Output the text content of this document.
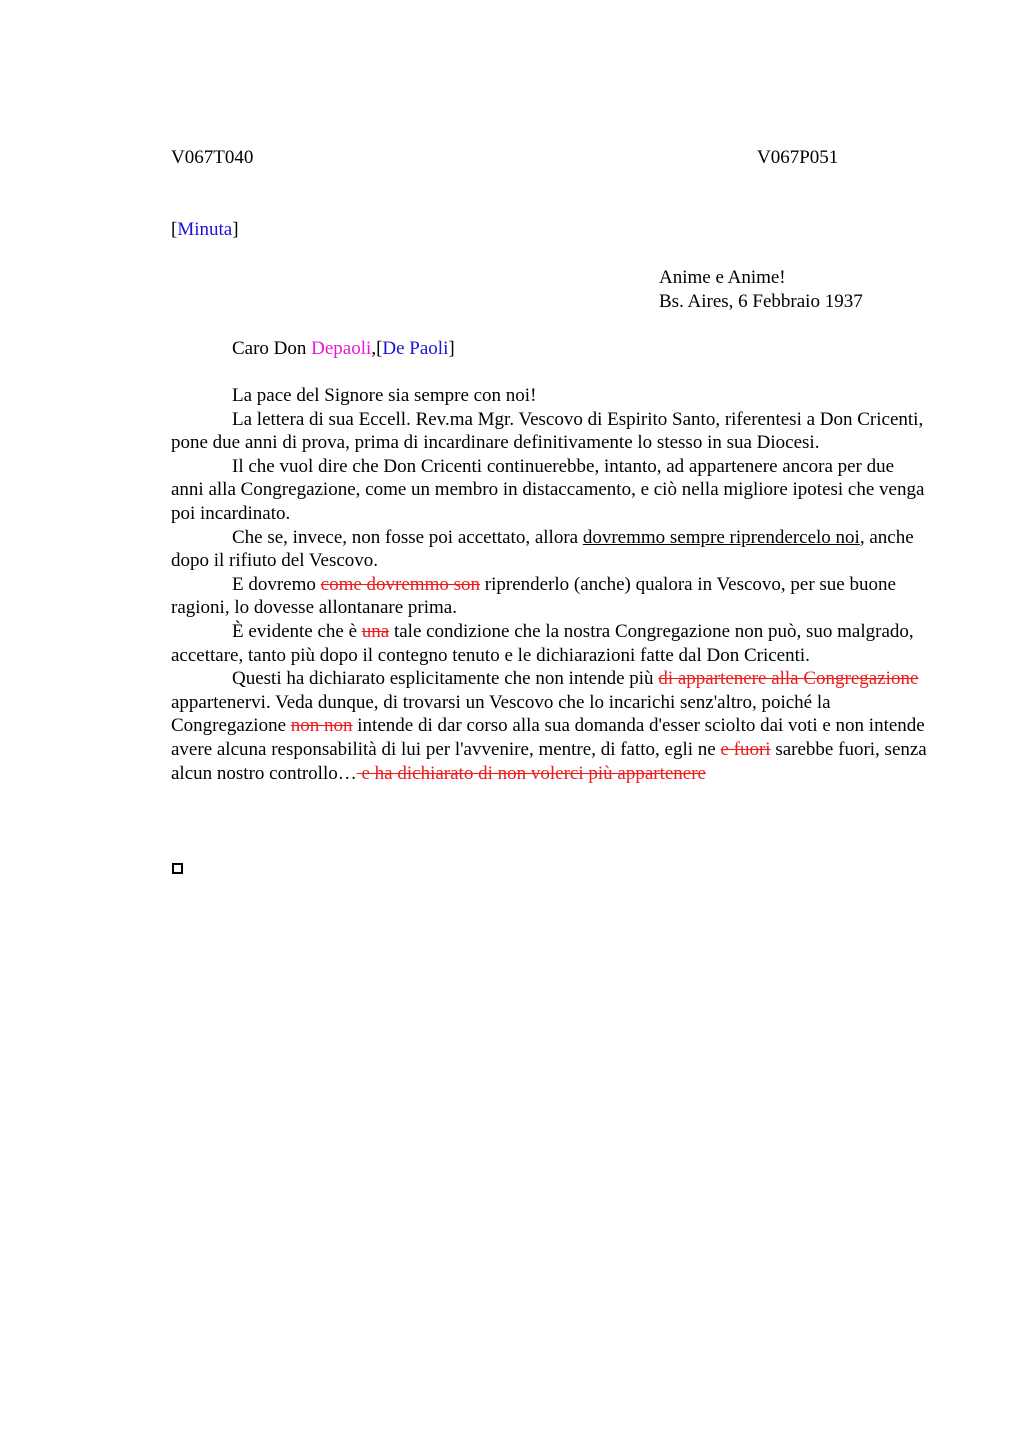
V067T040	V067P051
[Minuta]
Anime e Anime!
Bs. Aires, 6 Febbraio 1937
Caro Don Depaoli,[De Paoli]

La pace del Signore sia sempre con noi!

La lettera di sua Eccell. Rev.ma Mgr. Vescovo di Espirito Santo, riferentesi a Don Cricenti, pone due anni di prova, prima di incardinare definitivamente lo stesso in sua Diocesi.

Il che vuol dire che Don Cricenti continuerebbe, intanto, ad appartenere ancora per due anni alla Congregazione, come un membro in distaccamento, e ciò nella migliore ipotesi che venga poi incardinato.

Che se, invece, non fosse poi accettato, allora dovremmo sempre riprendercelo noi, anche dopo il rifiuto del Vescovo.

E dovremo come dovremmo son riprenderlo (anche) qualora in Vescovo, per sue buone ragioni, lo dovesse allontanare prima.

È evidente che è una tale condizione che la nostra Congregazione non può, suo malgrado, accettare, tanto più dopo il contegno tenuto e le dichiarazioni fatte dal Don Cricenti.

Questi ha dichiarato esplicitamente che non intende più di appartenere alla Congregazione appartenervi. Veda dunque, di trovarsi un Vescovo che lo incarichi senz'altro, poiché la Congregazione non non intende di dar corso alla sua domanda d'esser sciolto dai voti e non intende avere alcuna responsabilità di lui per l'avvenire, mentre, di fatto, egli ne e fuori sarebbe fuori, senza alcun nostro controllo… e ha dichiarato di non volerci più appartenere
